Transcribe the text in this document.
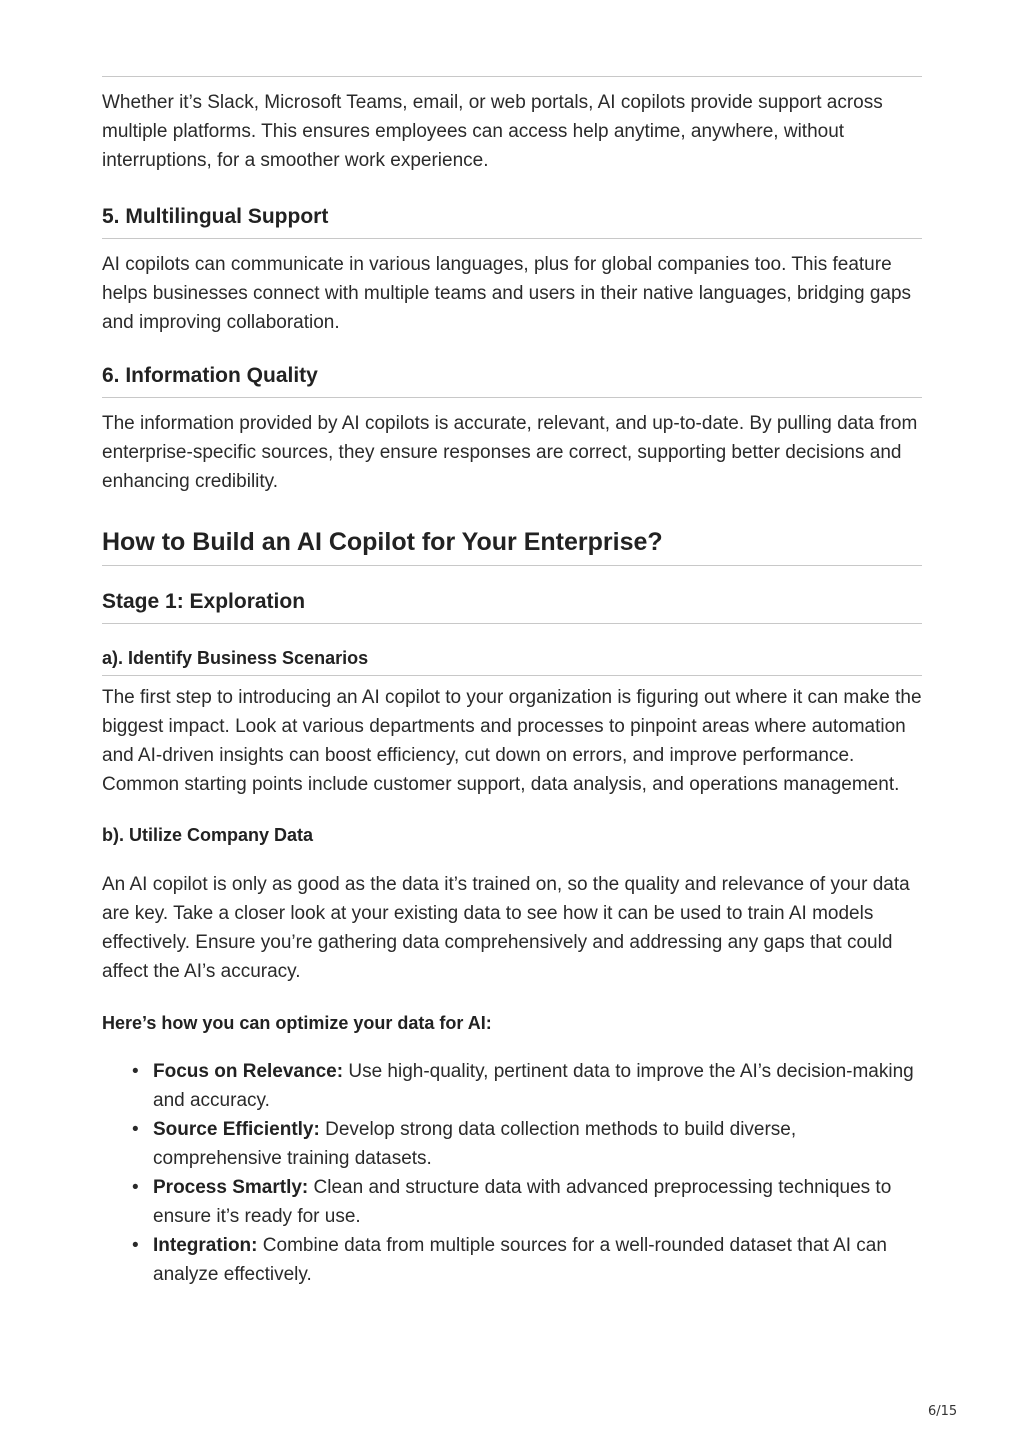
Whether it’s Slack, Microsoft Teams, email, or web portals, AI copilots provide support across multiple platforms. This ensures employees can access help anytime, anywhere, without interruptions, for a smoother work experience.

5. Multilingual Support

AI copilots can communicate in various languages, plus for global companies too. This feature helps businesses connect with multiple teams and users in their native languages, bridging gaps and improving collaboration.

6. Information Quality

The information provided by AI copilots is accurate, relevant, and up-to-date. By pulling data from enterprise-specific sources, they ensure responses are correct, supporting better decisions and enhancing credibility.

How to Build an AI Copilot for Your Enterprise?
Stage 1: Exploration
a). Identify Business Scenarios

The first step to introducing an AI copilot to your organization is figuring out where it can make the biggest impact. Look at various departments and processes to pinpoint areas where automation and AI-driven insights can boost efficiency, cut down on errors, and improve performance. Common starting points include customer support, data analysis, and operations management.

b). Utilize Company Data

An AI copilot is only as good as the data it’s trained on, so the quality and relevance of your data are key. Take a closer look at your existing data to see how it can be used to train AI models effectively. Ensure you’re gathering data comprehensively and addressing any gaps that could affect the AI’s accuracy.

Here’s how you can optimize your data for AI:

• Focus on Relevance: Use high-quality, pertinent data to improve the AI’s decision-making and accuracy.
• Source Efficiently: Develop strong data collection methods to build diverse, comprehensive training datasets.
• Process Smartly: Clean and structure data with advanced preprocessing techniques to ensure it’s ready for use.
• Integration: Combine data from multiple sources for a well-rounded dataset that AI can analyze effectively.
6/15
